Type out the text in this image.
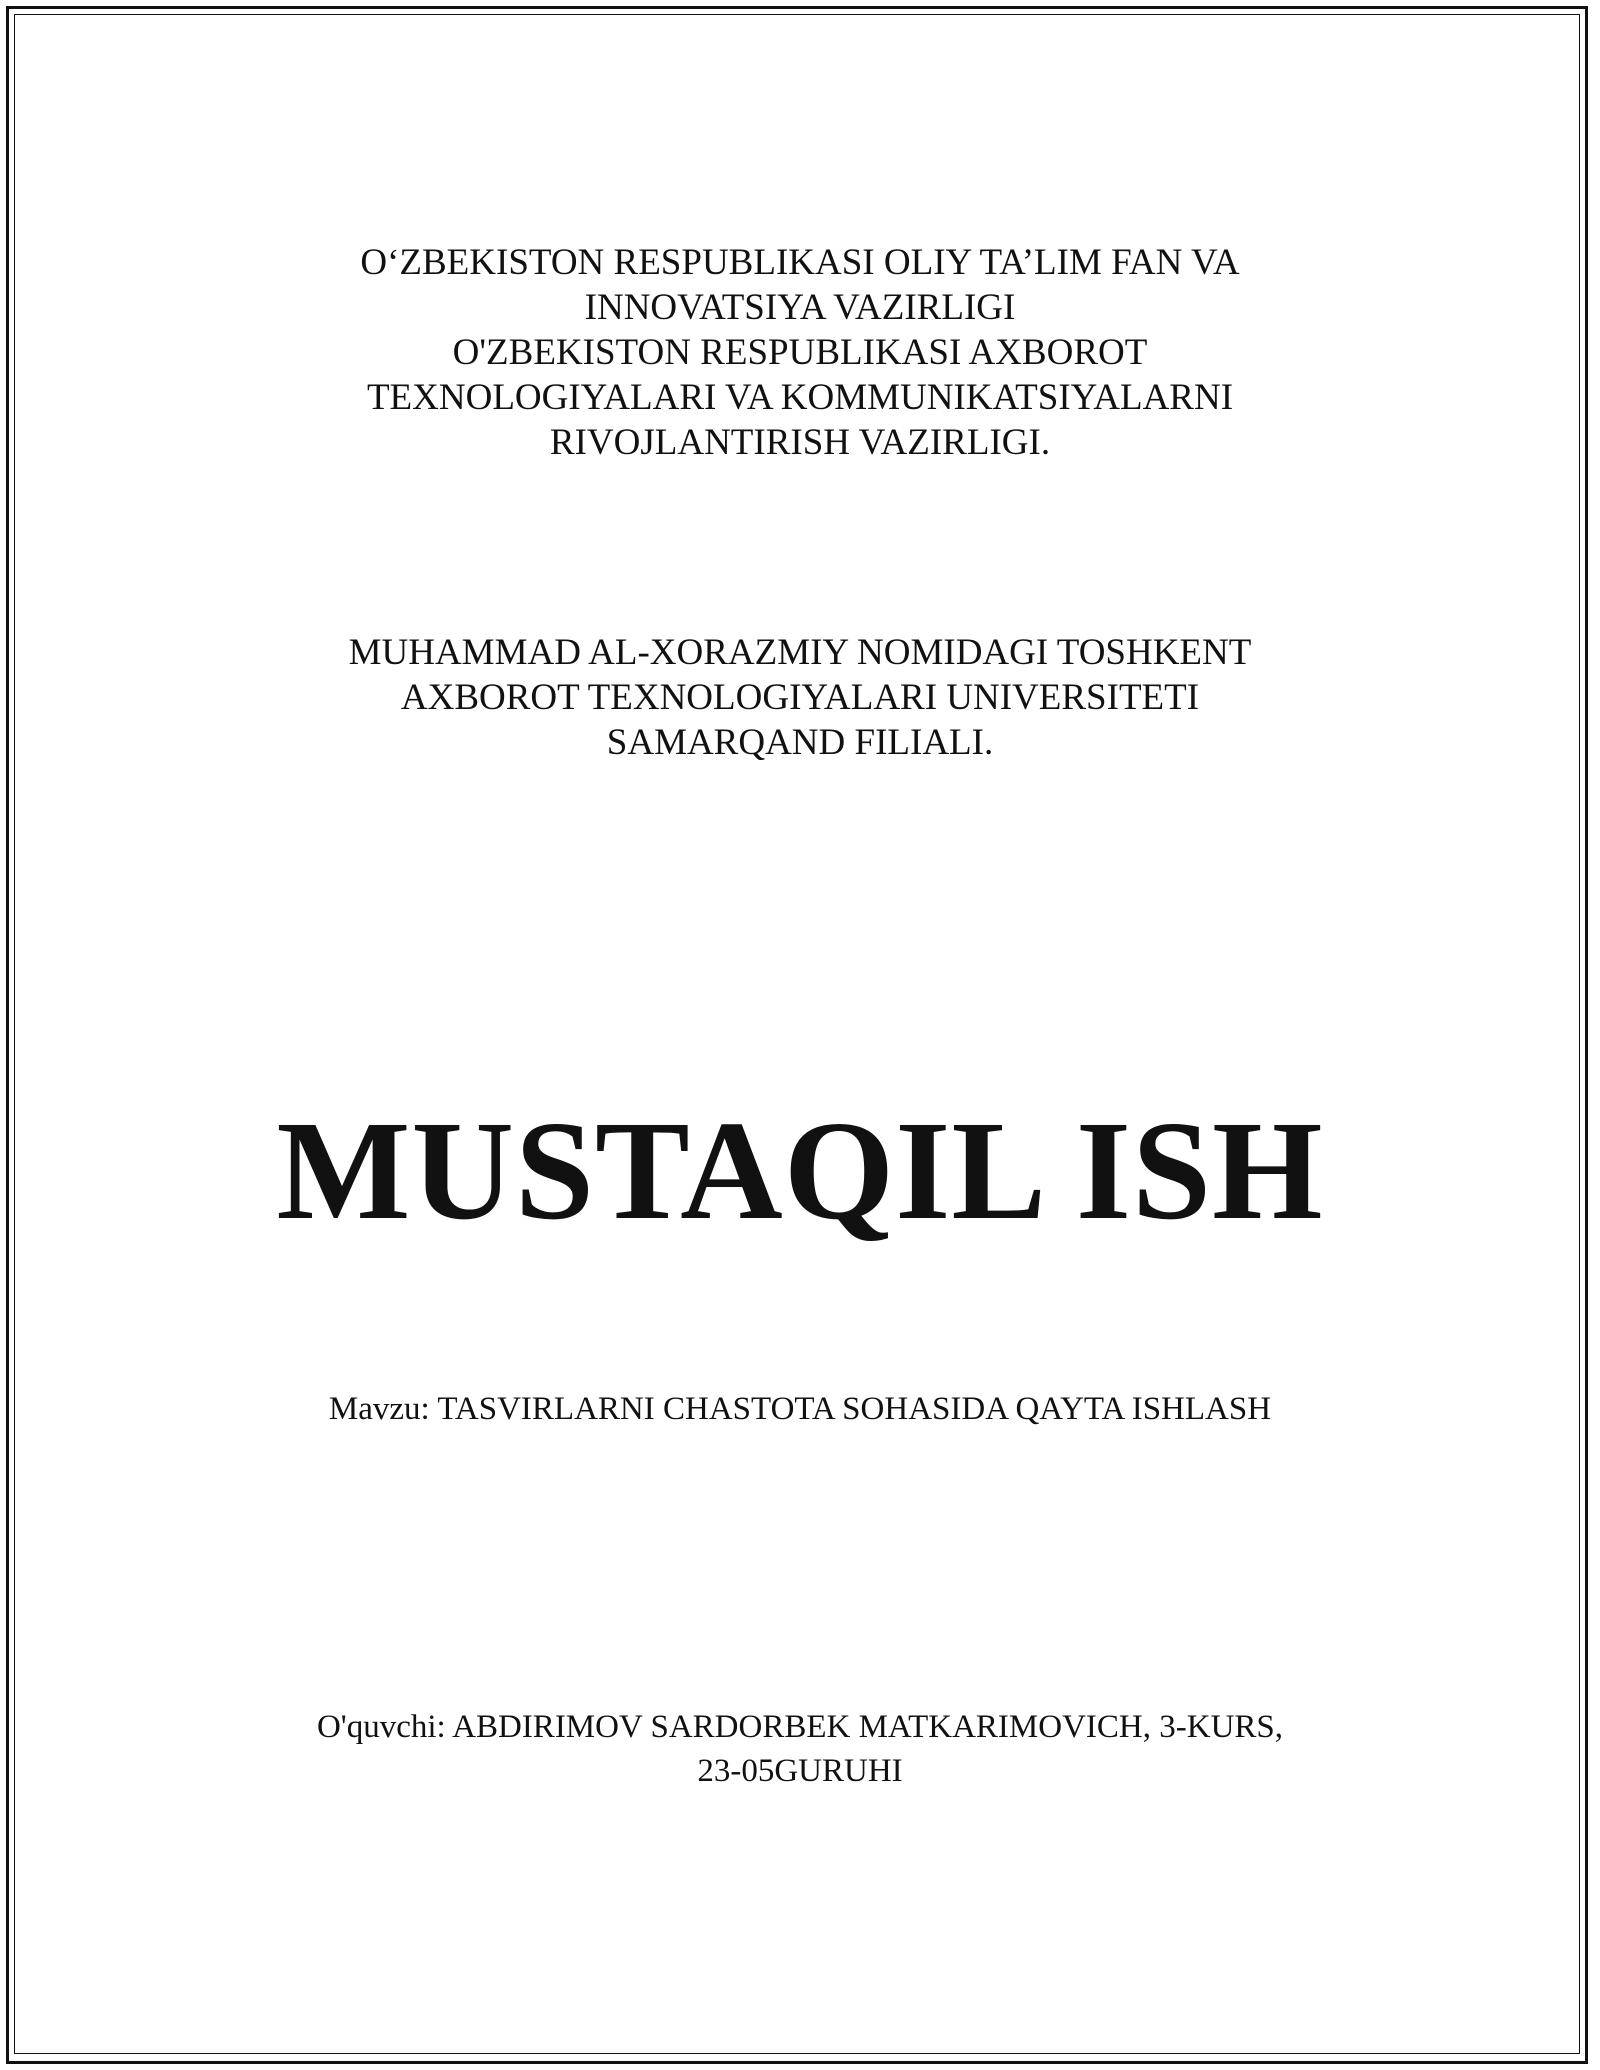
O‘ZBEKISTON RESPUBLIKASI OLIY TA’LIM FAN VA
INNOVATSIYA VAZIRLIGI
O'ZBEKISTON RESPUBLIKASI AXBOROT
TEXNOLOGIYALARI VA KOMMUNIKATSIYALARNI
RIVOJLANTIRISH VAZIRLIGI.
MUHAMMAD AL-XORAZMIY NOMIDAGI TOSHKENT
AXBOROT TEXNOLOGIYALARI UNIVERSITETI
SAMARQAND FILIALI.
MUSTAQIL ISH
Mavzu: TASVIRLARNI CHASTOTA SOHASIDA QAYTA ISHLASH
O'quvchi: ABDIRIMOV SARDORBEK MATKARIMOVICH, 3-KURS,
23-05GURUHI
